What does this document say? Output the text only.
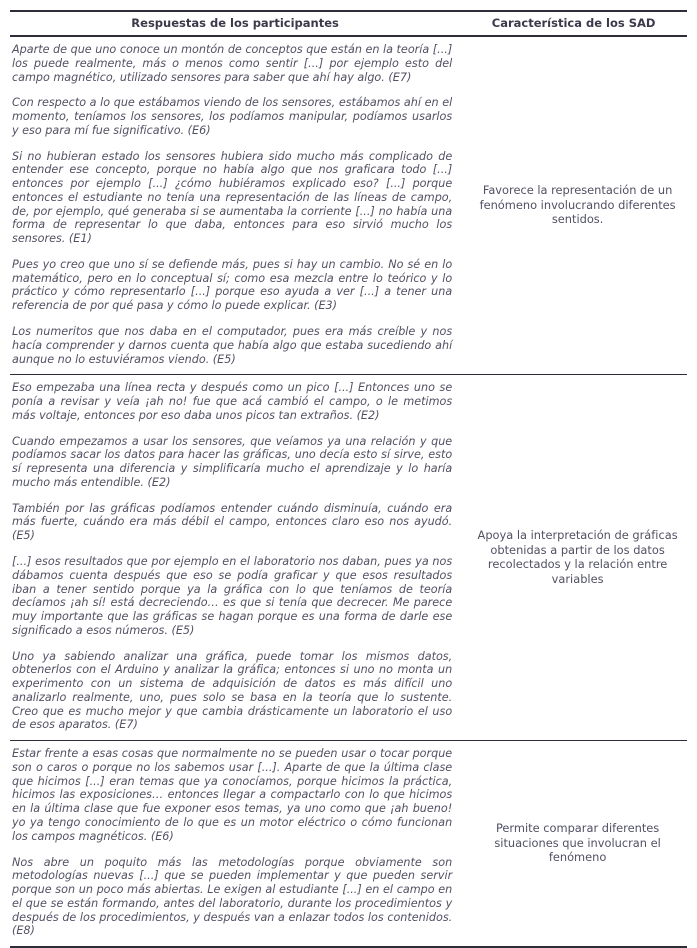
Respuestas de los participantes	Característica de los SAD

Aparte de que uno conoce un montón de conceptos que están en la teoría [...] los puede realmente, más o menos como sentir [...] por ejemplo esto del campo magnético, utilizado sensores para saber que ahí hay algo. (E7)

Con respecto a lo que estábamos viendo de los sensores, estábamos ahí en el momento, teníamos los sensores, los podíamos manipular, podíamos usarlos y eso para mí fue significativo. (E6)

Si no hubieran estado los sensores hubiera sido mucho más complicado de entender ese concepto, porque no había algo que nos graficara todo [...] entonces por ejemplo [...] ¿cómo hubiéramos explicado eso? [...] porque entonces el estudiante no tenía una representación de las líneas de campo, de, por ejemplo, qué generaba si se aumentaba la corriente [...] no había una forma de representar lo que daba, entonces para eso sirvió mucho los sensores. (E1)

Pues yo creo que uno sí se defiende más, pues si hay un cambio. No sé en lo matemático, pero en lo conceptual sí; como esa mezcla entre lo teórico y lo práctico y cómo representarlo [...] porque eso ayuda a ver [...] a tener una referencia de por qué pasa y cómo lo puede explicar. (E3)

Los numeritos que nos daba en el computador, pues era más creíble y nos hacía comprender y darnos cuenta que había algo que estaba sucediendo ahí aunque no lo estuviéramos viendo. (E5)

Favorece la representación de un fenómeno involucrando diferentes sentidos.

Eso empezaba una línea recta y después como un pico [...] Entonces uno se ponía a revisar y veía ¡ah no! fue que acá cambió el campo, o le metimos más voltaje, entonces por eso daba unos picos tan extraños. (E2)

Cuando empezamos a usar los sensores, que veíamos ya una relación y que podíamos sacar los datos para hacer las gráficas, uno decía esto sí sirve, esto sí representa una diferencia y simplificaría mucho el aprendizaje y lo haría mucho más entendible. (E2)

También por las gráficas podíamos entender cuándo disminuía, cuándo era más fuerte, cuándo era más débil el campo, entonces claro eso nos ayudó. (E5)

[...] esos resultados que por ejemplo en el laboratorio nos daban, pues ya nos dábamos cuenta después que eso se podía graficar y que esos resultados iban a tener sentido porque ya la gráfica con lo que teníamos de teoría decíamos ¡ah sí! está decreciendo… es que si tenía que decrecer. Me parece muy importante que las gráficas se hagan porque es una forma de darle ese significado a esos números. (E5)

Uno ya sabiendo analizar una gráfica, puede tomar los mismos datos, obtenerlos con el Arduino y analizar la gráfica; entonces si uno no monta un experimento con un sistema de adquisición de datos es más difícil uno analizarlo realmente, uno, pues solo se basa en la teoría que lo sustente. Creo que es mucho mejor y que cambia drásticamente un laboratorio el uso de esos aparatos. (E7)

Apoya la interpretación de gráficas obtenidas a partir de los datos recolectados y la relación entre variables

Estar frente a esas cosas que normalmente no se pueden usar o tocar porque son o caros o porque no los sabemos usar [...]. Aparte de que la última clase que hicimos [...] eran temas que ya conocíamos, porque hicimos la práctica, hicimos las exposiciones… entonces llegar a compactarlo con lo que hicimos en la última clase que fue exponer esos temas, ya uno como que ¡ah bueno! yo ya tengo conocimiento de lo que es un motor eléctrico o cómo funcionan los campos magnéticos. (E6)

Nos abre un poquito más las metodologías porque obviamente son metodologías nuevas [...] que se pueden implementar y que pueden servir porque son un poco más abiertas. Le exigen al estudiante [...] en el campo en el que se están formando, antes del laboratorio, durante los procedimientos y después de los procedimientos, y después van a enlazar todos los contenidos. (E8)

Permite comparar diferentes situaciones que involucran el fenómeno
